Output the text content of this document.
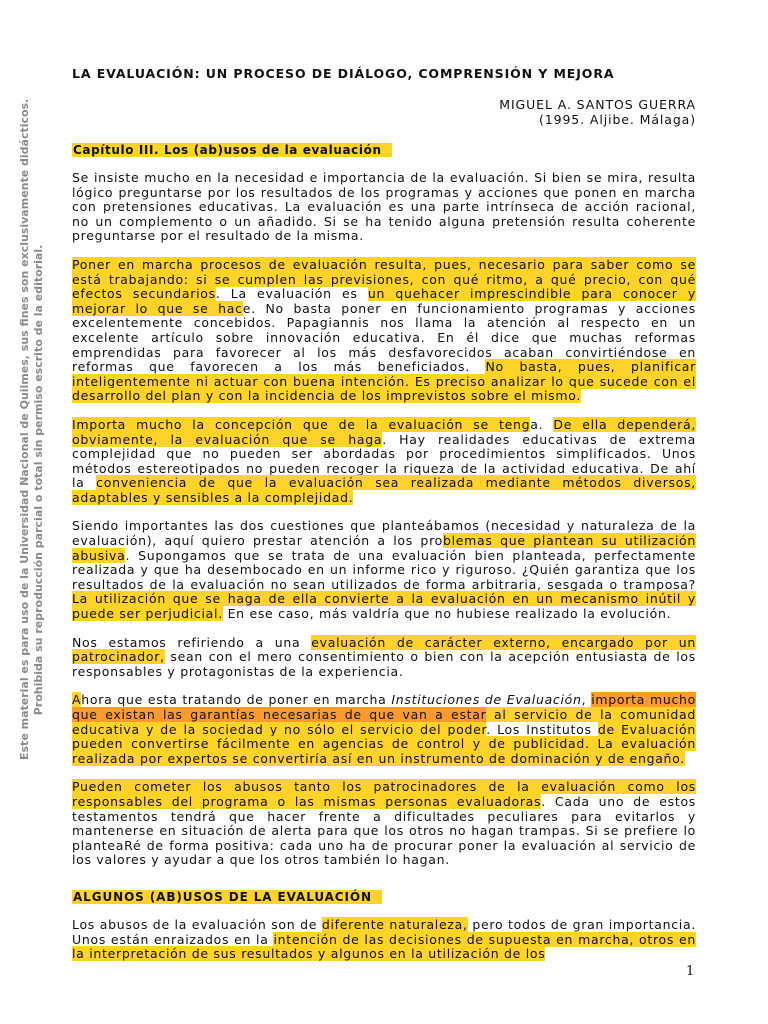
Este material es para uso de la Universidad Nacional de Quilmes, sus fines son exclusivamente didácticos. Prohibida su reproducción parcial o total sin permiso escrito de la editorial.
LA EVALUACIÓN: UN PROCESO DE DIÁLOGO, COMPRENSIÓN Y MEJORA
MIGUEL A. SANTOS GUERRA
(1995. Aljibe. Málaga)
Capítulo III. Los (ab)usos de la evaluación

Se insiste mucho en la necesidad e importancia de la evaluación. Si bien se mira, resulta lógico preguntarse por los resultados de los programas y acciones que ponen en marcha con pretensiones educativas. La evaluación es una parte intrínseca de acción racional, no un complemento o un añadido. Si se ha tenido alguna pretensión resulta coherente preguntarse por el resultado de la misma.

Poner en marcha procesos de evaluación resulta, pues, necesario para saber como se está trabajando: si se cumplen las previsiones, con qué ritmo, a qué precio, con qué efectos secundarios. La evaluación es un quehacer imprescindible para conocer y mejorar lo que se hace. No basta poner en funcionamiento programas y acciones excelentemente concebidos. Papagiannis nos llama la atención al respecto en un excelente artículo sobre innovación educativa. En él dice que muchas reformas emprendidas para favorecer al los más desfavorecidos acaban convirtiéndose en reformas que favorecen a los más beneficiados. No basta, pues, planificar inteligentemente ni actuar con buena intención. Es preciso analizar lo que sucede con el desarrollo del plan y con la incidencia de los imprevistos sobre el mismo.

Importa mucho la concepción que de la evaluación se tenga. De ella dependerá, obviamente, la evaluación que se haga. Hay realidades educativas de extrema complejidad que no pueden ser abordadas por procedimientos simplificados. Unos métodos estereotipados no pueden recoger la riqueza de la actividad educativa. De ahí la conveniencia de que la evaluación sea realizada mediante métodos diversos, adaptables y sensibles a la complejidad.

Siendo importantes las dos cuestiones que planteábamos (necesidad y naturaleza de la evaluación), aquí quiero prestar atención a los problemas que plantean su utilización abusiva. Supongamos que se trata de una evaluación bien planteada, perfectamente realizada y que ha desembocado en un informe rico y riguroso. ¿Quién garantiza que los resultados de la evaluación no sean utilizados de forma arbitraria, sesgada o tramposa? La utilización que se haga de ella convierte a la evaluación en un mecanismo inútil y puede ser perjudicial. En ese caso, más valdría que no hubiese realizado la evolución.

Nos estamos refiriendo a una evaluación de carácter externo, encargado por un patrocinador, sean con el mero consentimiento o bien con la acepción entusiasta de los responsables y protagonistas de la experiencia.

Ahora que esta tratando de poner en marcha Instituciones de Evaluación, importa mucho que existan las garantías necesarias de que van a estar al servicio de la comunidad educativa y de la sociedad y no sólo el servicio del poder. Los Institutos de Evaluación pueden convertirse fácilmente en agencias de control y de publicidad. La evaluación realizada por expertos se convertiría así en un instrumento de dominación y de engaño.

Pueden cometer los abusos tanto los patrocinadores de la evaluación como los responsables del programa o las mismas personas evaluadoras. Cada uno de estos testamentos tendrá que hacer frente a dificultades peculiares para evitarlos y mantenerse en situación de alerta para que los otros no hagan trampas. Si se prefiere lo planteaRé de forma positiva: cada uno ha de procurar poner la evaluación al servicio de los valores y ayudar a que los otros también lo hagan.

ALGUNOS (AB)USOS DE LA EVALUACIÓN

Los abusos de la evaluación son de diferente naturaleza, pero todos de gran importancia. Unos están enraizados en la intención de las decisiones de supuesta en marcha, otros en la interpretación de sus resultados y algunos en la utilización de los

1
